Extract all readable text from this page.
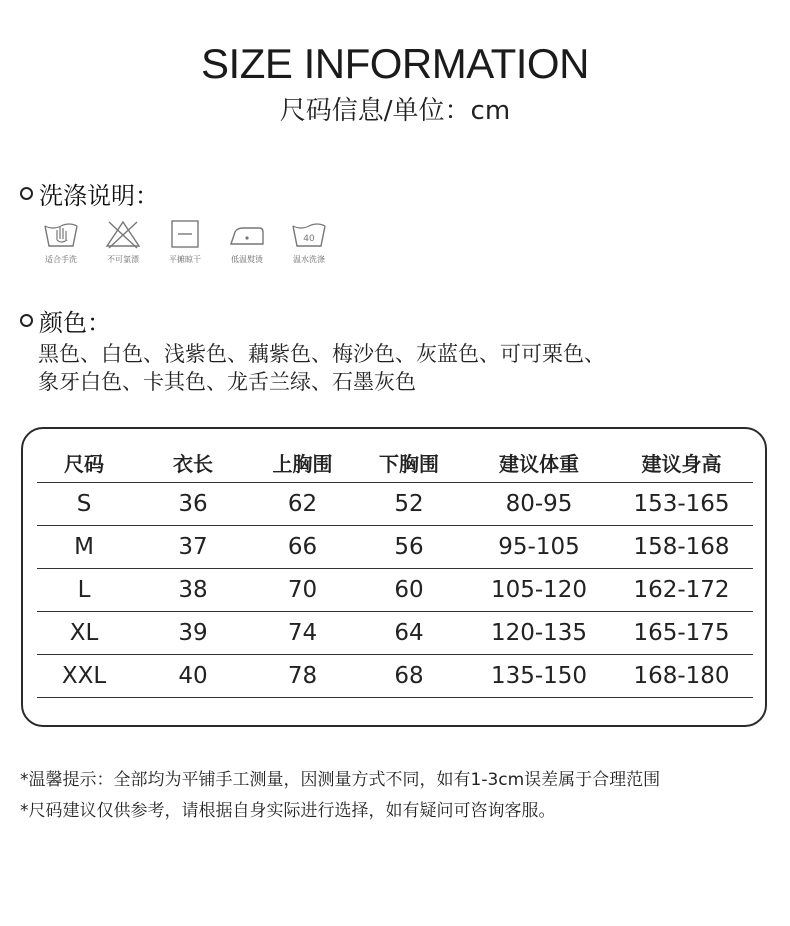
SIZE INFORMATION
尺码信息/单位：cm
洗涤说明：
适合手洗	不可氯漂	平摊晾干	低温熨烫
40
温水洗涤
颜色：
黑色、白色、浅紫色、藕紫色、梅沙色、灰蓝色、可可栗色、
象牙白色、卡其色、龙舌兰绿、石墨灰色
尺码	衣长	上胸围	下胸围	建议体重	建议身高
S	36	62	52	80-95	153-165
M	37	66	56	95-105	158-168
L	38	70	60	105-120	162-172
XL	39	74	64	120-135	165-175
XXL	40	78	68	135-150	168-180
*温馨提示：全部均为平铺手工测量，因测量方式不同，如有1-3cm误差属于合理范围
*尺码建议仅供参考，请根据自身实际进行选择，如有疑问可咨询客服。
